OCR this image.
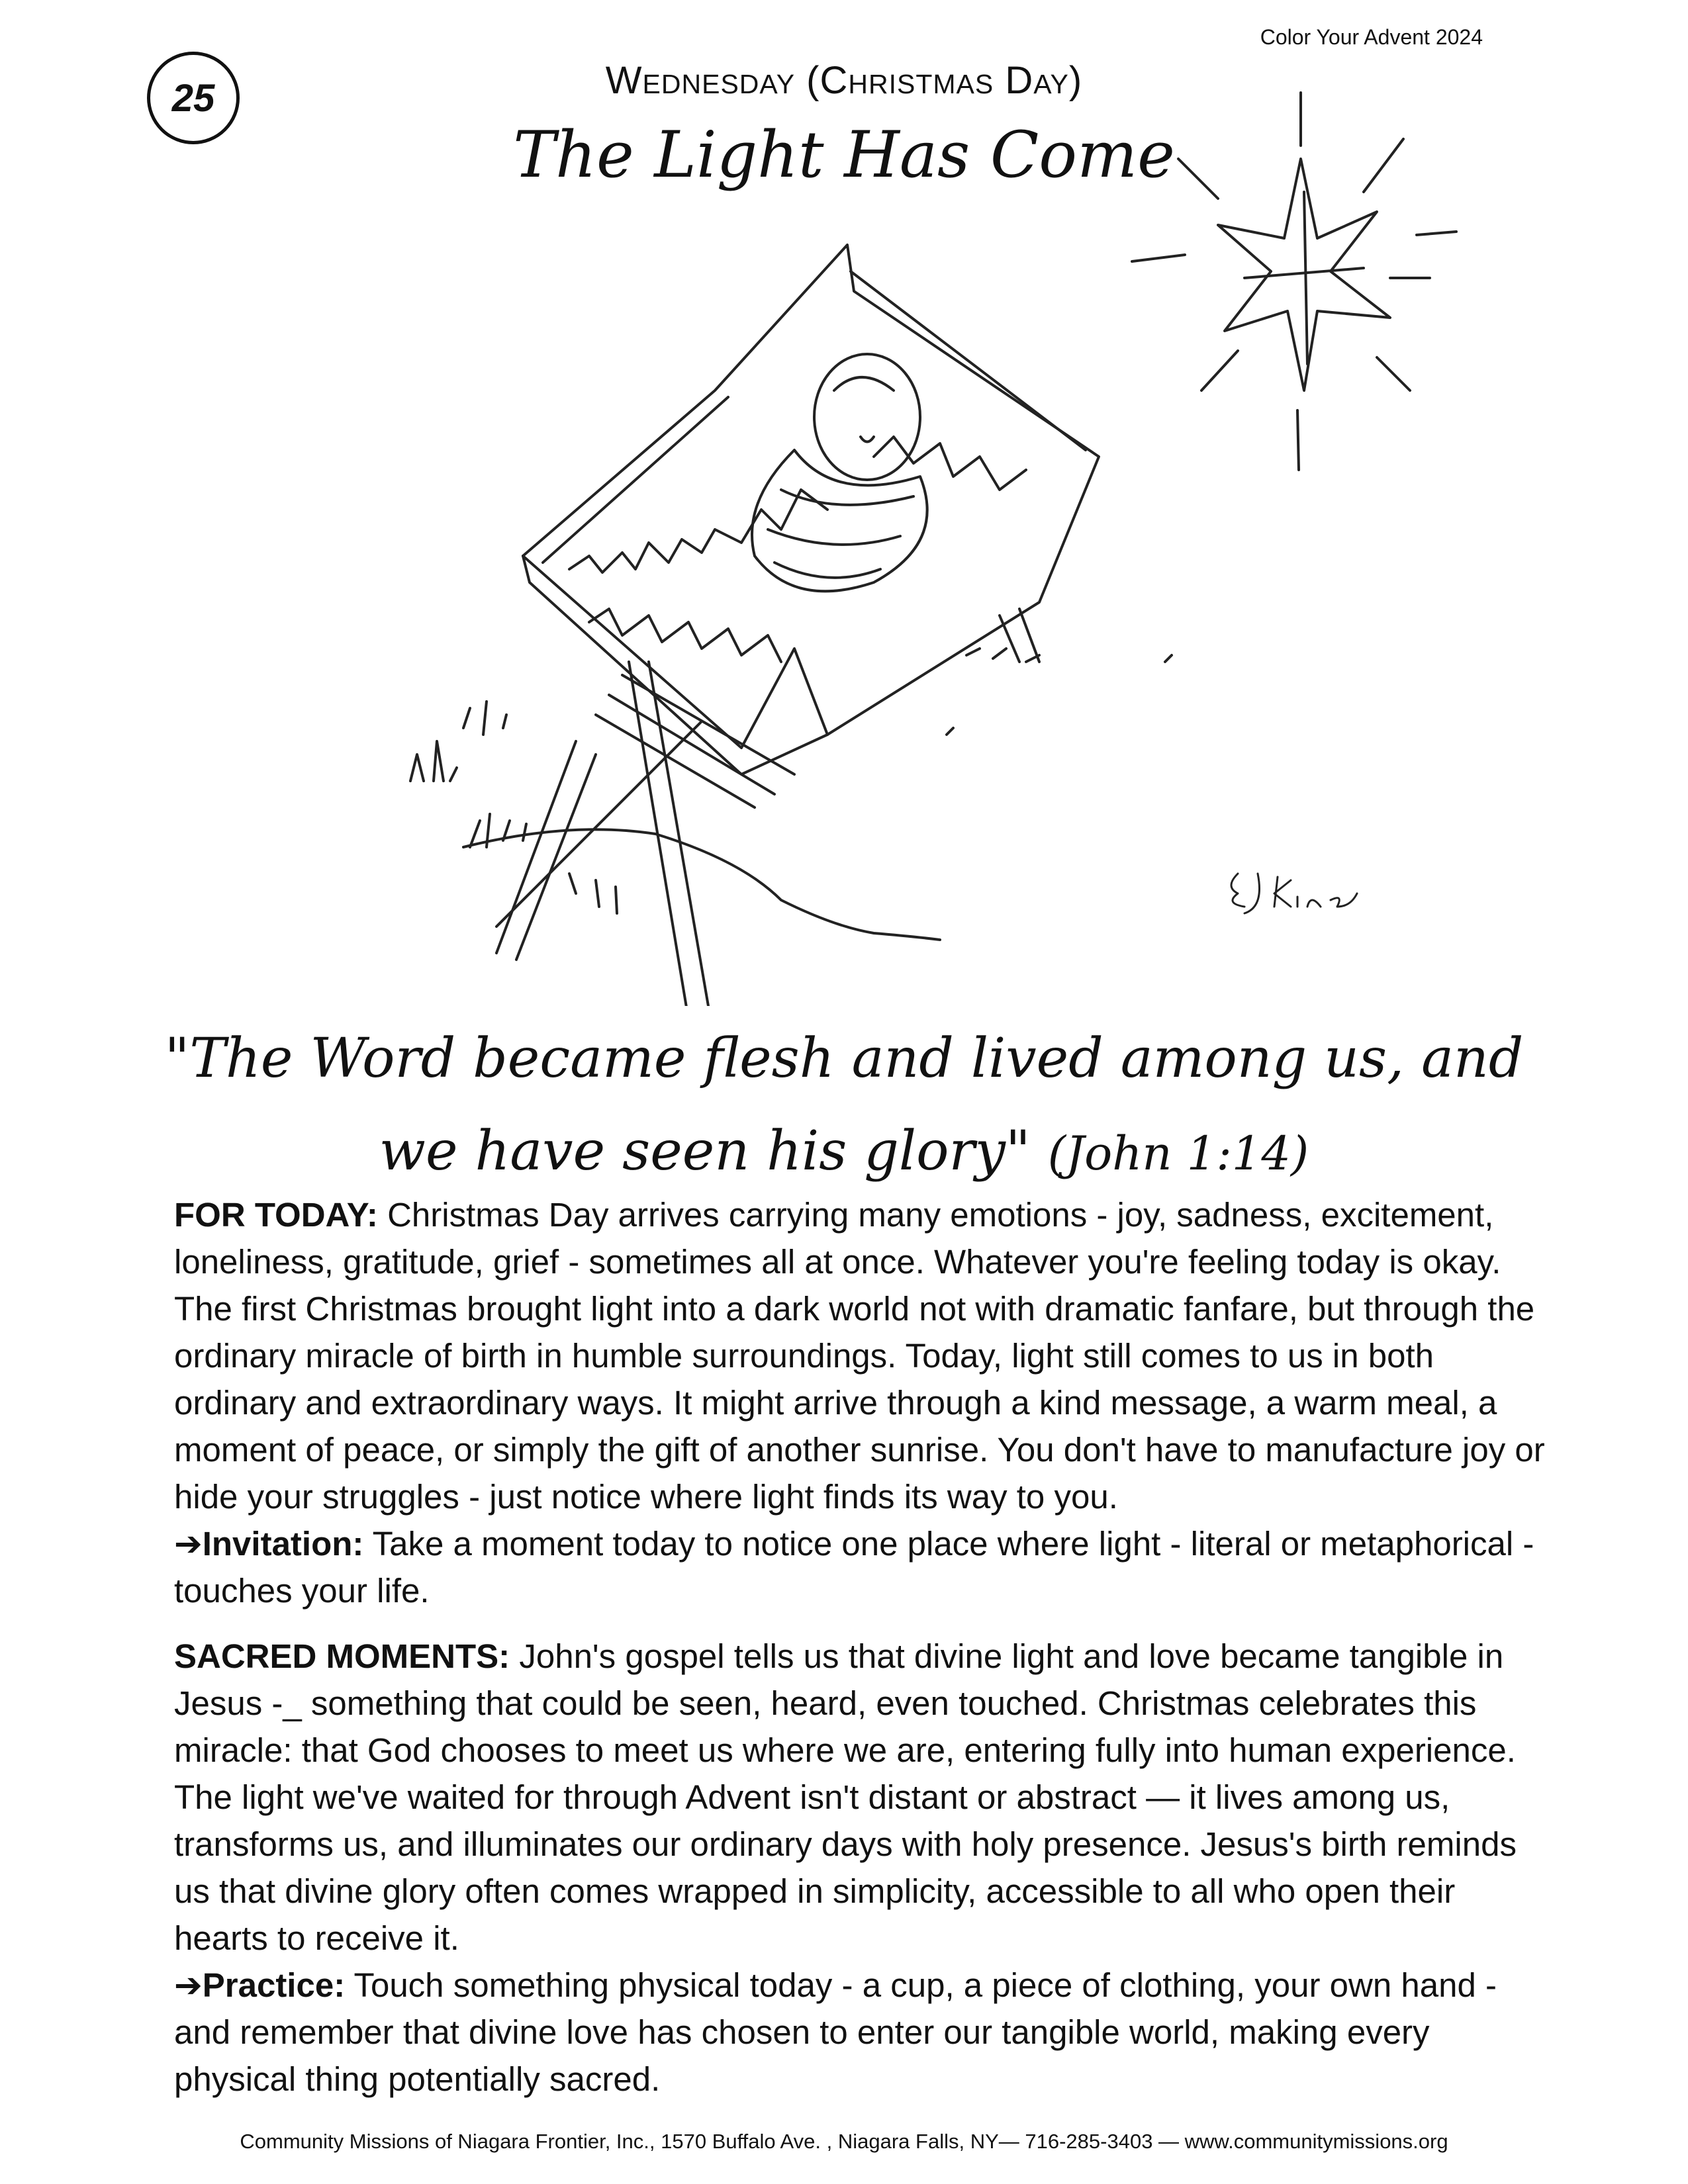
Color Your Advent 2024
25	Wednesday (Christmas Day)
The Light Has Come
"The Word became flesh and lived among us, and
we have seen his glory" (John 1:14)

FOR TODAY: Christmas Day arrives carrying many emotions - joy, sadness, excitement, loneliness, gratitude, grief - sometimes all at once. Whatever you're feeling today is okay. The first Christmas brought light into a dark world not with dramatic fanfare, but through the ordinary miracle of birth in humble surroundings. Today, light still comes to us in both ordinary and extraordinary ways. It might arrive through a kind message, a warm meal, a moment of peace, or simply the gift of another sunrise. You don't have to manufacture joy or hide your struggles - just notice where light finds its way to you.
➔Invitation: Take a moment today to notice one place where light - literal or metaphorical - touches your life.

SACRED MOMENTS: John's gospel tells us that divine light and love became tangible in Jesus -_ something that could be seen, heard, even touched. Christmas celebrates this miracle: that God chooses to meet us where we are, entering fully into human experience. The light we've waited for through Advent isn't distant or abstract — it lives among us, transforms us, and illuminates our ordinary days with holy presence. Jesus's birth reminds us that divine glory often comes wrapped in simplicity, accessible to all who open their hearts to receive it.
➔Practice: Touch something physical today - a cup, a piece of clothing, your own hand - and remember that divine love has chosen to enter our tangible world, making every physical thing potentially sacred.

Community Missions of Niagara Frontier, Inc., 1570 Buffalo Ave. , Niagara Falls, NY— 716-285-3403 — www.communitymissions.org
